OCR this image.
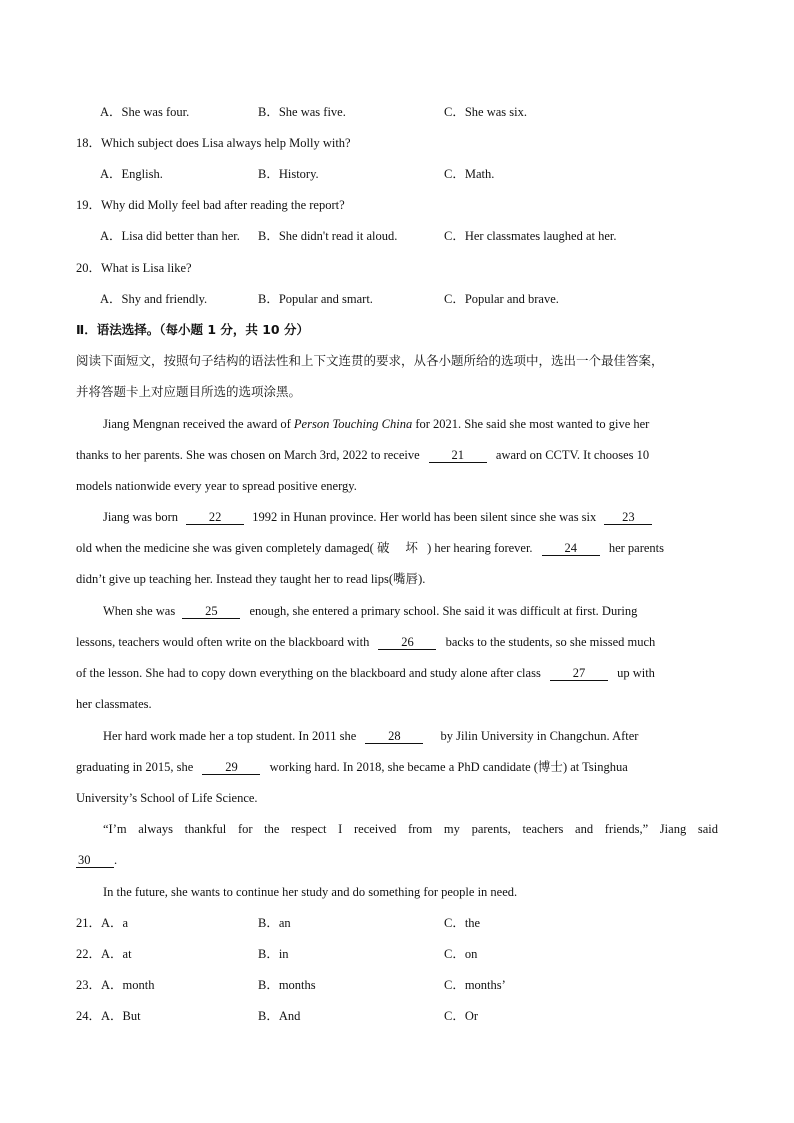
A．She was four.	B．She was five.	C．She was six.
18．Which subject does Lisa always help Molly with?
A．English.	B．History.	C．Math.
19．Why did Molly feel bad after reading the report?
A．Lisa did better than her. B．She didn't read it aloud.	C．Her classmates laughed at her.
20．What is Lisa like?
A．Shy and friendly.	B．Popular and smart.	C．Popular and brave.
Ⅱ．语法选择。（每小题 1 分，共 10 分）
阅读下面短文，按照句子结构的语法性和上下文连贯的要求，从各小题所给的选项中，选出一个最佳答案，
并将答题卡上对应题目所选的选项涂黑。
Jiang Mengnan received the award of Person Touching China for 2021. She said she most wanted to give her
thanks to her parents. She was chosen on March 3rd, 2022 to receive	21	award on CCTV. It chooses 10
models nationwide every year to spread positive energy.
Jiang was born 22 1992 in Hunan province. Her world has been silent since she was six 23
old when the medicine she was given completely damaged( 破 坏 ) her hearing forever.	24	her parents
didn’t give up teaching her. Instead they taught her to read lips(嘴唇).
When she was 25	enough, she entered a primary school. She said it was difficult at first. During
lessons, teachers would often write on the blackboard with	26	backs to the students, so she missed much
of the lesson. She had to copy down everything on the blackboard and study alone after class	27	up with
her classmates.
Her hard work made her a top student. In 2011 she	28	by Jilin University in Changchun. After
graduating in 2015, she	29	working hard. In 2018, she became a PhD candidate (博士) at Tsinghua
University’s School of Life Science.
“I’m always thankful for the respect I received from my parents, teachers and friends,” Jiang said
30 .
In the future, she wants to continue her study and do something for people in need.
21．A．a	B．an	C．the
22．A．at	B．in	C．on
23．A．month	B．months	C．months’
24．A．But	B．And	C．Or
